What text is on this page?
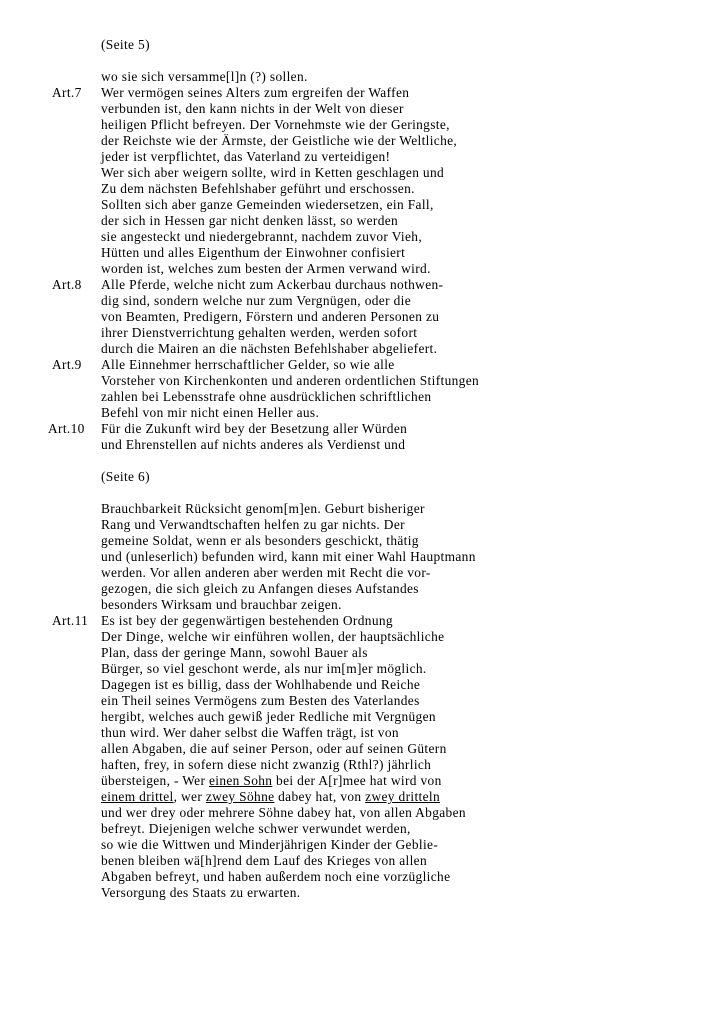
(Seite 5)
wo sie sich versamme[l]n (?) sollen.
Art.7 Wer vermögen seines Alters zum ergreifen der Waffen
verbunden ist, den kann nichts in der Welt von dieser
heiligen Pflicht befreyen. Der Vornehmste wie der Geringste,
der Reichste wie der Ärmste, der Geistliche wie der Weltliche,
jeder ist verpflichtet, das Vaterland zu verteidigen!
Wer sich aber weigern sollte, wird in Ketten geschlagen und
Zu dem nächsten Befehlshaber geführt und erschossen.
Sollten sich aber ganze Gemeinden wiedersetzen, ein Fall,
der sich in Hessen gar nicht denken lässt, so werden
sie angesteckt und niedergebrannt, nachdem zuvor Vieh,
Hütten und alles Eigenthum der Einwohner confisiert
worden ist, welches zum besten der Armen verwand wird.
Art.8 Alle Pferde, welche nicht zum Ackerbau durchaus nothwen-
dig sind, sondern welche nur zum Vergnügen, oder die
von Beamten, Predigern, Förstern und anderen Personen zu
ihrer Dienstverrichtung gehalten werden, werden sofort
durch die Mairen an die nächsten Befehlshaber abgeliefert.
Art.9 Alle Einnehmer herrschaftlicher Gelder, so wie alle
Vorsteher von Kirchenkonten und anderen ordentlichen Stiftungen
zahlen bei Lebensstrafe ohne ausdrücklichen schriftlichen
Befehl von mir nicht einen Heller aus.
Art.10 Für die Zukunft wird bey der Besetzung aller Würden
und Ehrenstellen auf nichts anderes als Verdienst und
(Seite 6)
Brauchbarkeit Rücksicht genom[m]en. Geburt bisheriger
Rang und Verwandtschaften helfen zu gar nichts. Der
gemeine Soldat, wenn er als besonders geschickt, thätig
und (unleserlich) befunden wird, kann mit einer Wahl Hauptmann
werden. Vor allen anderen aber werden mit Recht die vor-
gezogen, die sich gleich zu Anfangen dieses Aufstandes
besonders Wirksam und brauchbar zeigen.
Art.11 Es ist bey der gegenwärtigen bestehenden Ordnung
Der Dinge, welche wir einführen wollen, der hauptsächliche
Plan, dass der geringe Mann, sowohl Bauer als
Bürger, so viel geschont werde, als nur im[m]er möglich.
Dagegen ist es billig, dass der Wohlhabende und Reiche
ein Theil seines Vermögens zum Besten des Vaterlandes
hergibt, welches auch gewiß jeder Redliche mit Vergnügen
thun wird. Wer daher selbst die Waffen trägt, ist von
allen Abgaben, die auf seiner Person, oder auf seinen Gütern
haften, frey, in sofern diese nicht zwanzig (Rthl?) jährlich
übersteigen, - Wer einen Sohn bei der A[r]mee hat wird von
einem drittel, wer zwey Söhne dabey hat, von zwey dritteln
und wer drey oder mehrere Söhne dabey hat, von allen Abgaben
befreyt. Diejenigen welche schwer verwundet werden,
so wie die Wittwen und Minderjährigen Kinder der Geblie-
benen bleiben wä[h]rend dem Lauf des Krieges von allen
Abgaben befreyt, und haben außerdem noch eine vorzügliche
Versorgung des Staats zu erwarten.
